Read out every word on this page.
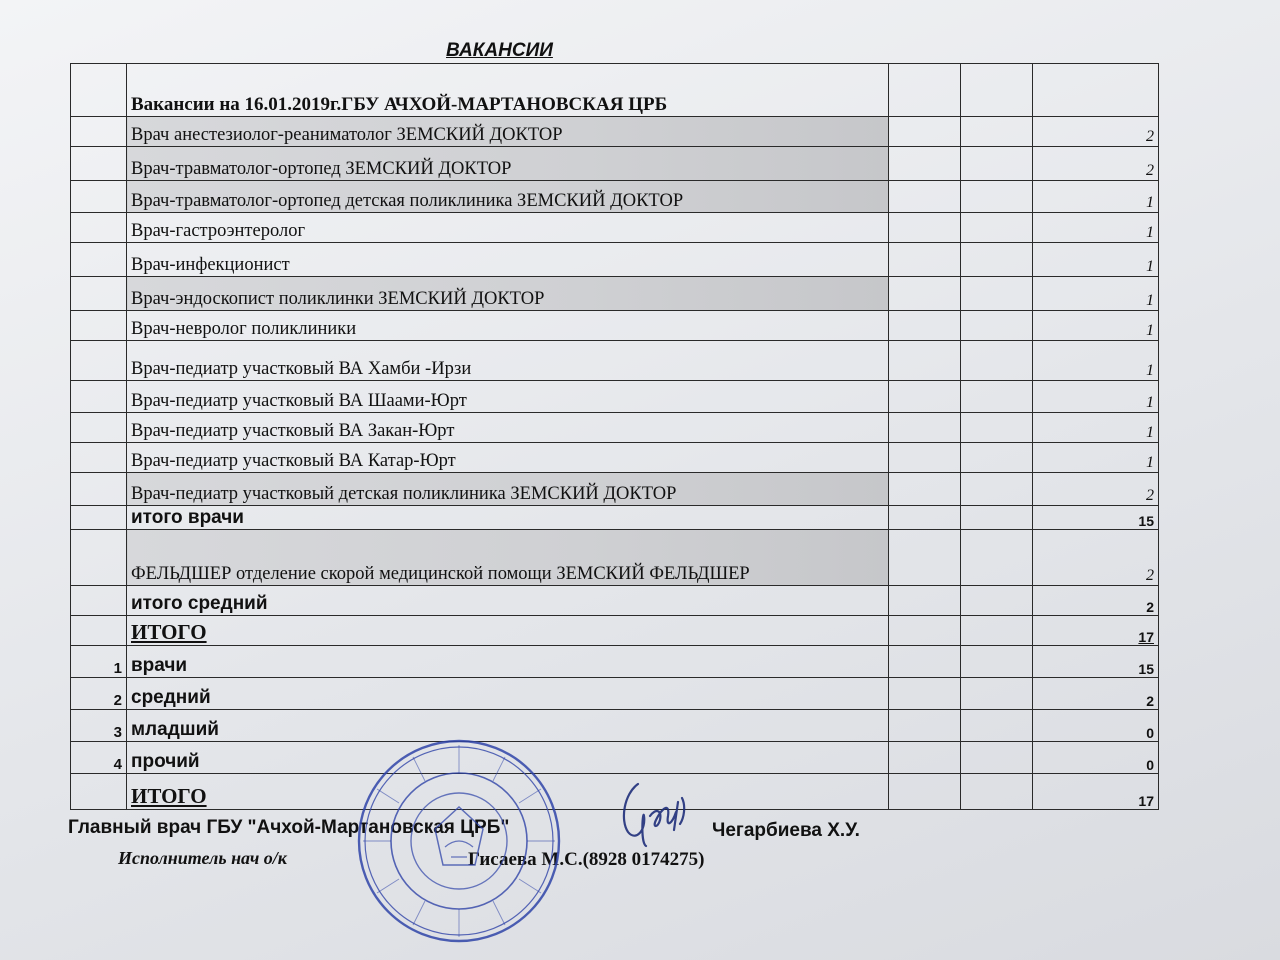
ВАКАНСИИ
	Вакансии на 16.01.2019г.ГБУ АЧХОЙ-МАРТАНОВСКАЯ ЦРБ			
	Врач анестезиолог-реаниматолог ЗЕМСКИЙ ДОКТОР			2
	Врач-травматолог-ортопед ЗЕМСКИЙ ДОКТОР			2
	Врач-травматолог-ортопед детская поликлиника ЗЕМСКИЙ ДОКТОР			1
	Врач-гастроэнтеролог			1
	Врач-инфекционист			1
	Врач-эндоскопист поликлинки ЗЕМСКИЙ ДОКТОР			1
	Врач-невролог поликлиники			1
	Врач-педиатр участковый ВА Хамби -Ирзи			1
	Врач-педиатр участковый ВА Шаами-Юрт			1
	Врач-педиатр участковый ВА Закан-Юрт			1
	Врач-педиатр участковый ВА Катар-Юрт			1
	Врач-педиатр участковый детская поликлиника ЗЕМСКИЙ ДОКТОР			2
	итого врачи			15
	ФЕЛЬДШЕР отделение скорой медицинской помощи ЗЕМСКИЙ ФЕЛЬДШЕР			2
	итого средний			2
	ИТОГО			17
1	врачи			15
2	средний			2
3	младший			0
4	прочий			0
	ИТОГО			17
Главный врач ГБУ "Ачхой-Мартановская ЦРБ"	Чегарбиева Х.У.
Исполнитель нач о/к	Гисаева М.С.(8928 0174275)
